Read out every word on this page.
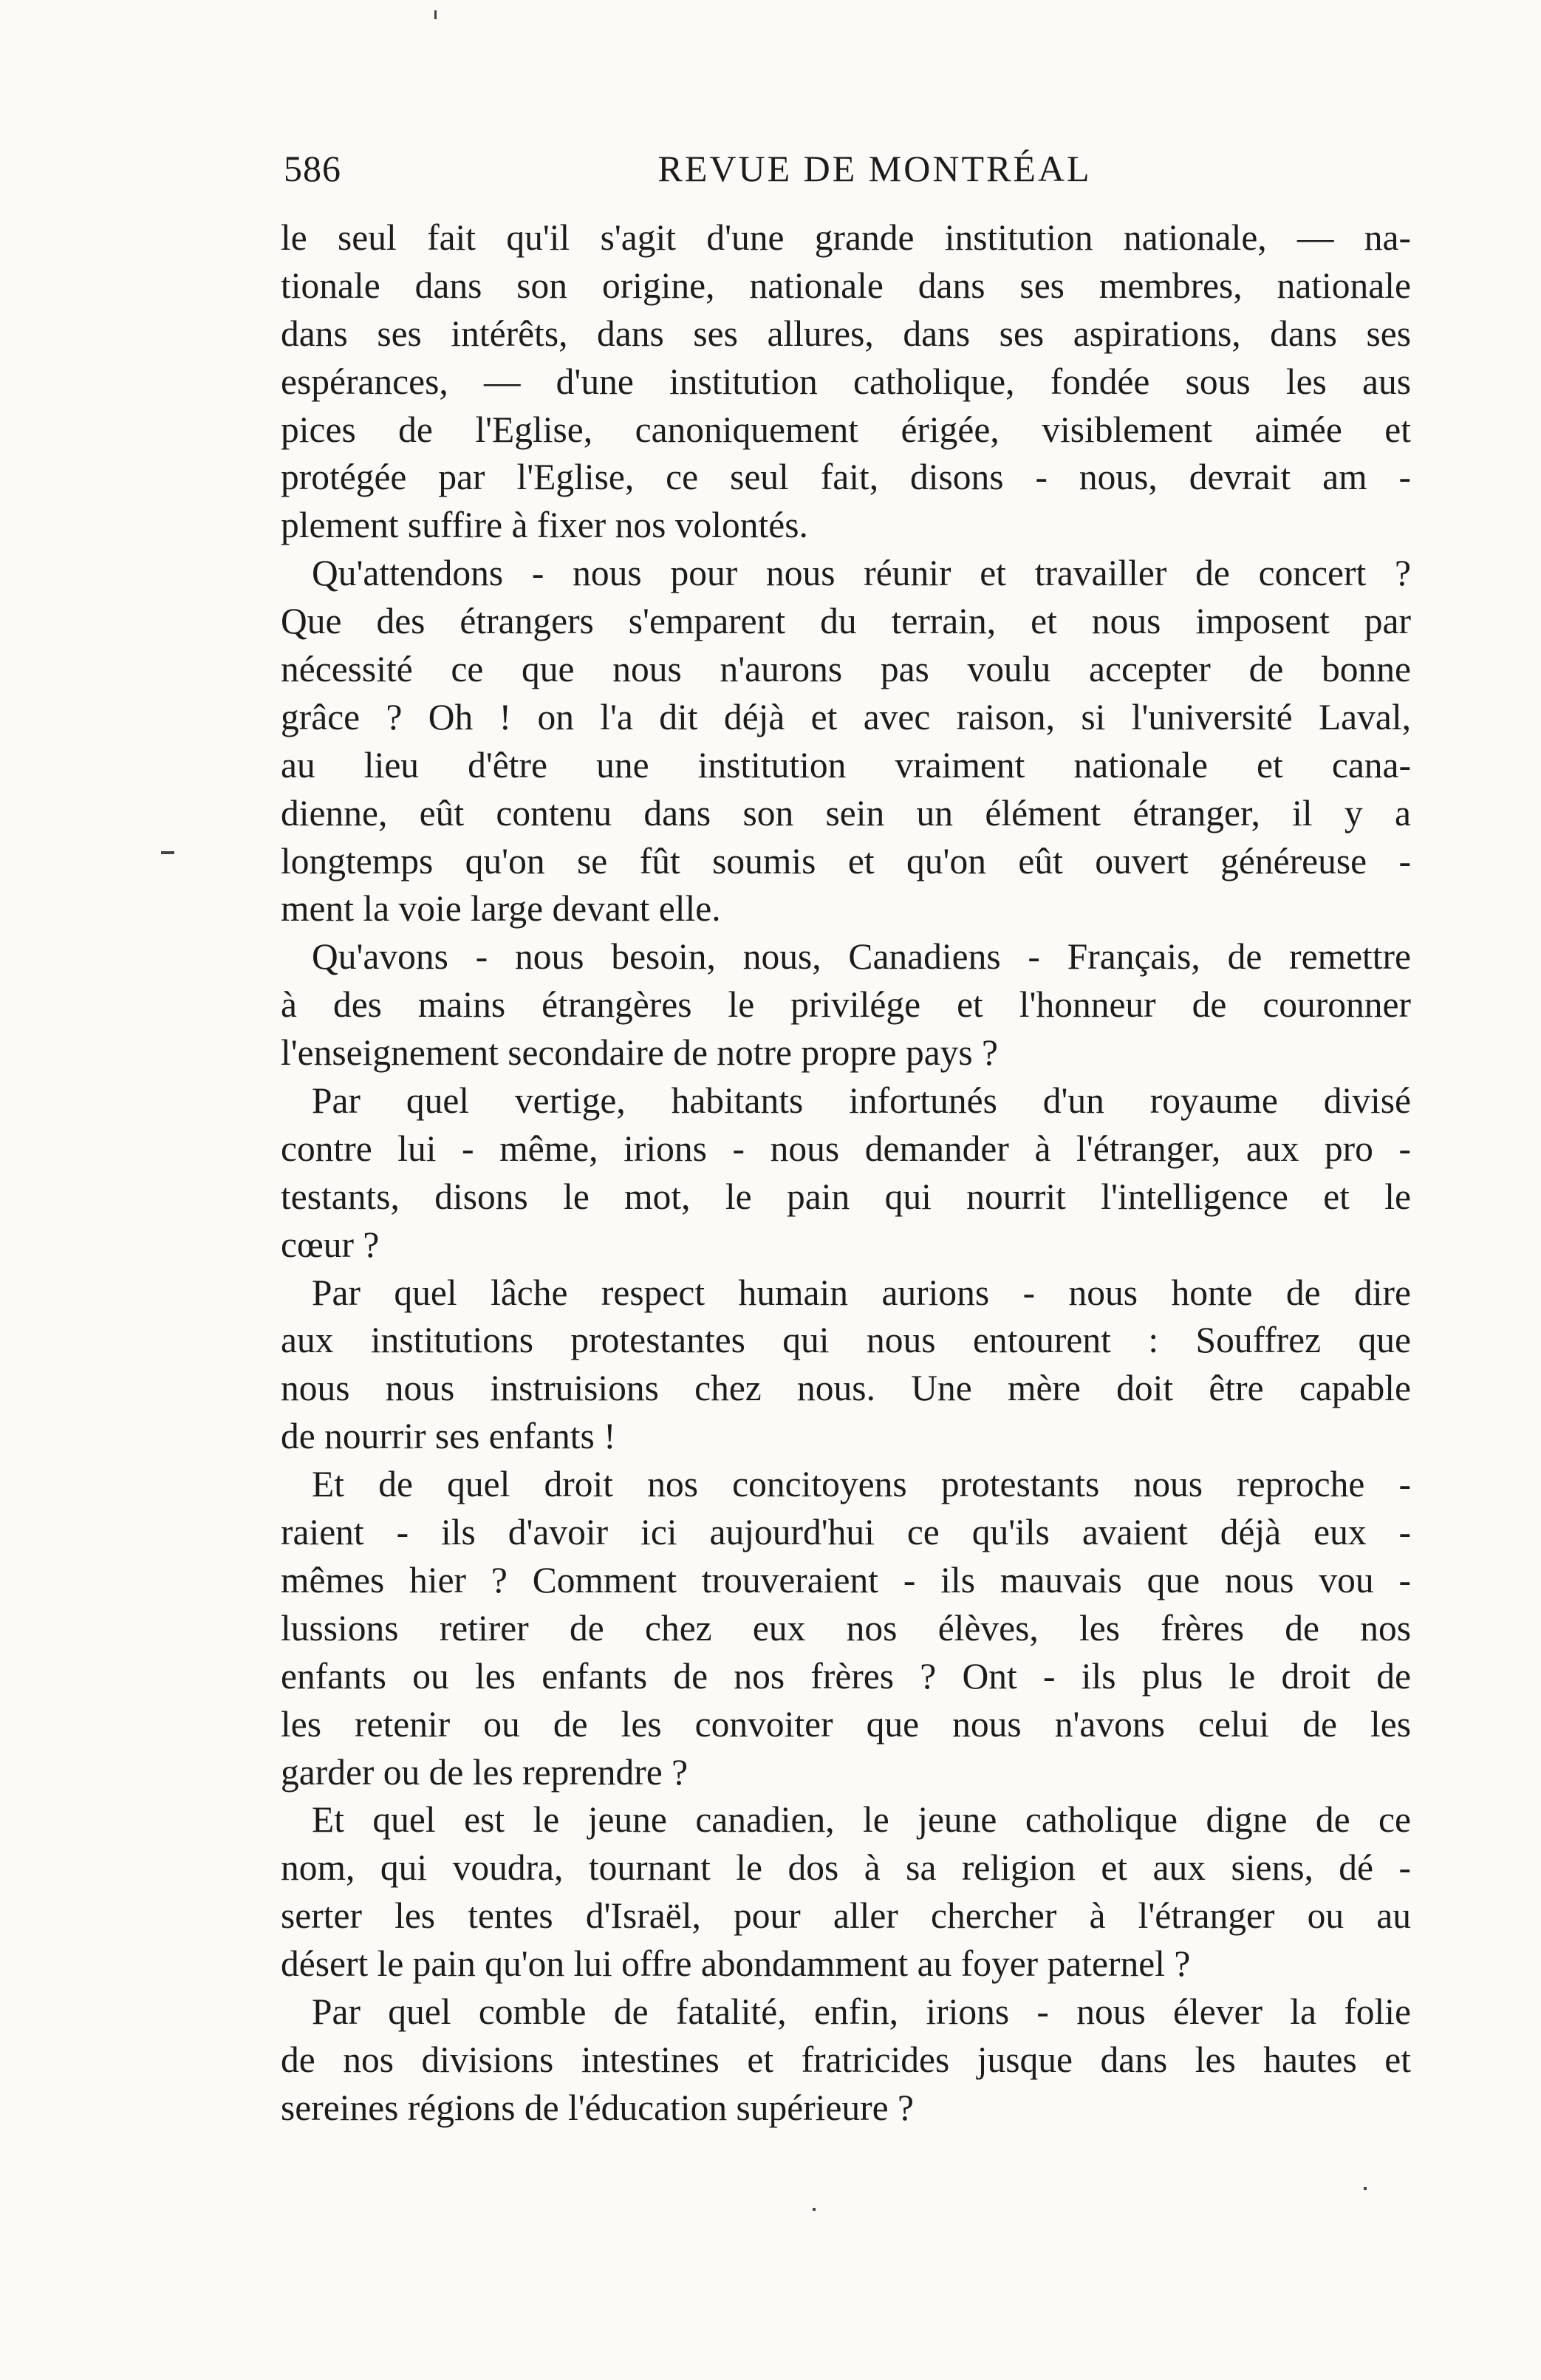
586	REVUE DE MONTRÉAL
le seul fait qu'il s'agit d'une grande institution nationale, — na-
tionale dans son origine, nationale dans ses membres, nationale
dans ses intérêts, dans ses allures, dans ses aspirations, dans ses
espérances, — d'une institution catholique, fondée sous les aus
pices de l'Eglise, canoniquement érigée, visiblement aimée et
protégée par l'Eglise, ce seul fait, disons - nous, devrait am -
plement suffire à fixer nos volontés.
Qu'attendons - nous pour nous réunir et travailler de concert ?
Que des étrangers s'emparent du terrain, et nous imposent par
nécessité ce que nous n'aurons pas voulu accepter de bonne
grâce ? Oh ! on l'a dit déjà et avec raison, si l'université Laval,
au lieu d'être une institution vraiment nationale et cana-
dienne, eût contenu dans son sein un élément étranger, il y a
longtemps qu'on se fût soumis et qu'on eût ouvert généreuse -
ment la voie large devant elle.
Qu'avons - nous besoin, nous, Canadiens - Français, de remettre
à des mains étrangères le privilége et l'honneur de couronner
l'enseignement secondaire de notre propre pays ?
Par quel vertige, habitants infortunés d'un royaume divisé
contre lui - même, irions - nous demander à l'étranger, aux pro -
testants, disons le mot, le pain qui nourrit l'intelligence et le
cœur ?
Par quel lâche respect humain aurions - nous honte de dire
aux institutions protestantes qui nous entourent : Souffrez que
nous nous instruisions chez nous. Une mère doit être capable
de nourrir ses enfants !
Et de quel droit nos concitoyens protestants nous reproche -
raient - ils d'avoir ici aujourd'hui ce qu'ils avaient déjà eux -
mêmes hier ? Comment trouveraient - ils mauvais que nous vou -
lussions retirer de chez eux nos élèves, les frères de nos
enfants ou les enfants de nos frères ? Ont - ils plus le droit de
les retenir ou de les convoiter que nous n'avons celui de les
garder ou de les reprendre ?
Et quel est le jeune canadien, le jeune catholique digne de ce
nom, qui voudra, tournant le dos à sa religion et aux siens, dé -
serter les tentes d'Israël, pour aller chercher à l'étranger ou au
désert le pain qu'on lui offre abondamment au foyer paternel ?
Par quel comble de fatalité, enfin, irions - nous élever la folie
de nos divisions intestines et fratricides jusque dans les hautes et
sereines régions de l'éducation supérieure ?
